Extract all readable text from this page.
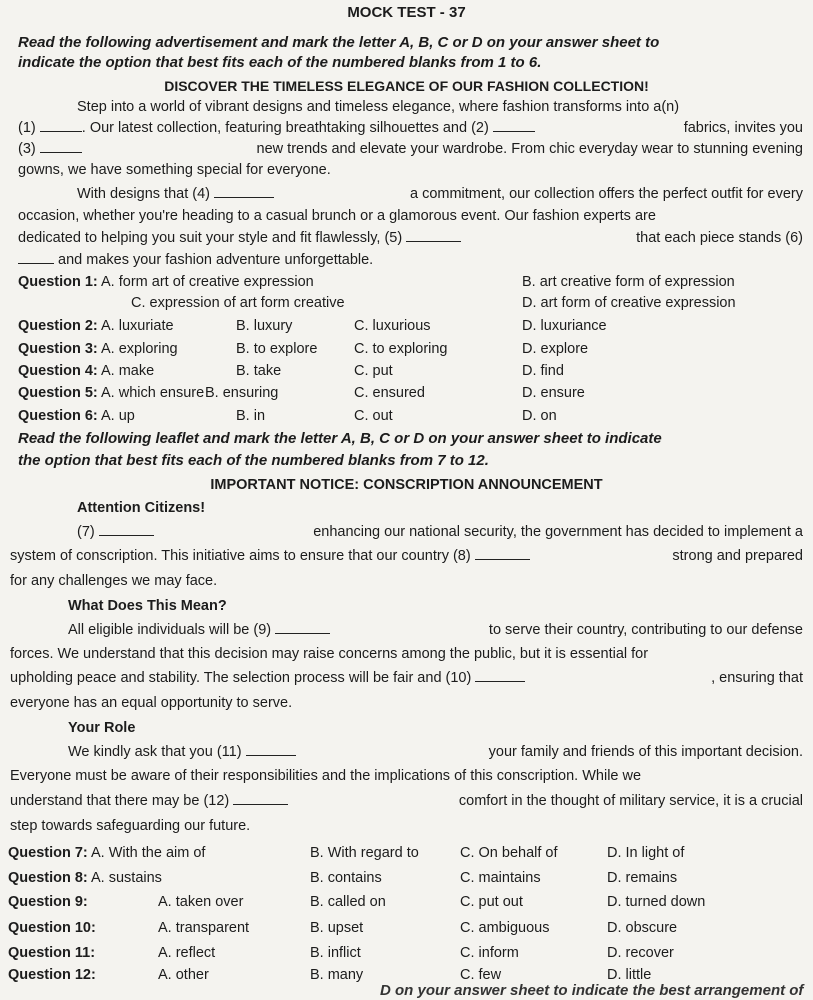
MOCK TEST - 37
Read the following advertisement and mark the letter A, B, C or D on your answer sheet to
indicate the option that best fits each of the numbered blanks from 1 to 6.
DISCOVER THE TIMELESS ELEGANCE OF OUR FASHION COLLECTION!
Step into a world of vibrant designs and timeless elegance, where fashion transforms into a(n)
(1)	. Our latest collection, featuring breathtaking silhouettes and (2)	fabrics, invites you
(3)	new trends and elevate your wardrobe. From chic everyday wear to stunning evening
gowns, we have something special for everyone.
With designs that (4)	a commitment, our collection offers the perfect outfit for every
occasion, whether you're heading to a casual brunch or a glamorous event. Our fashion experts are
dedicated to helping you suit your style and fit flawlessly, (5)	that each piece stands (6)
and makes your fashion adventure unforgettable.
Question 1: A. form art of creative expression	B. art creative form of expression
C. expression of art form creative	D. art form of creative expression
Question 2: A. luxuriate	B. luxury	C. luxurious	D. luxuriance
Question 3: A. exploring	B. to explore	C. to exploring	D. explore
Question 4: A. make	B. take	C. put	D. find
Question 5: A. which ensure B. ensuring	C. ensured	D. ensure
Question 6: A. up	B. in	C. out	D. on
Read the following leaflet and mark the letter A, B, C or D on your answer sheet to indicate
the option that best fits each of the numbered blanks from 7 to 12.
IMPORTANT NOTICE: CONSCRIPTION ANNOUNCEMENT
Attention Citizens!
(7)	enhancing our national security, the government has decided to implement a
system of conscription. This initiative aims to ensure that our country (8)	strong and prepared
for any challenges we may face.
What Does This Mean?
All eligible individuals will be (9)	to serve their country, contributing to our defense
forces. We understand that this decision may raise concerns among the public, but it is essential for
upholding peace and stability. The selection process will be fair and (10)	, ensuring that
everyone has an equal opportunity to serve.
Your Role
We kindly ask that you (11)	your family and friends of this important decision.
Everyone must be aware of their responsibilities and the implications of this conscription. While we
understand that there may be (12)	comfort in the thought of military service, it is a crucial
step towards safeguarding our future.
Question 7: A. With the aim of	B. With regard to	C. On behalf of	D. In light of
Question 8: A. sustains	B. contains	C. maintains	D. remains
Question 9:	A. taken over	B. called on	C. put out	D. turned down
Question 10:	A. transparent	B. upset	C. ambiguous	D. obscure
Question 11:	A. reflect	B. inflict	C. inform	D. recover
Question 12:	A. other	B. many	C. few	D. little
D on your answer sheet to indicate the best arrangement of
